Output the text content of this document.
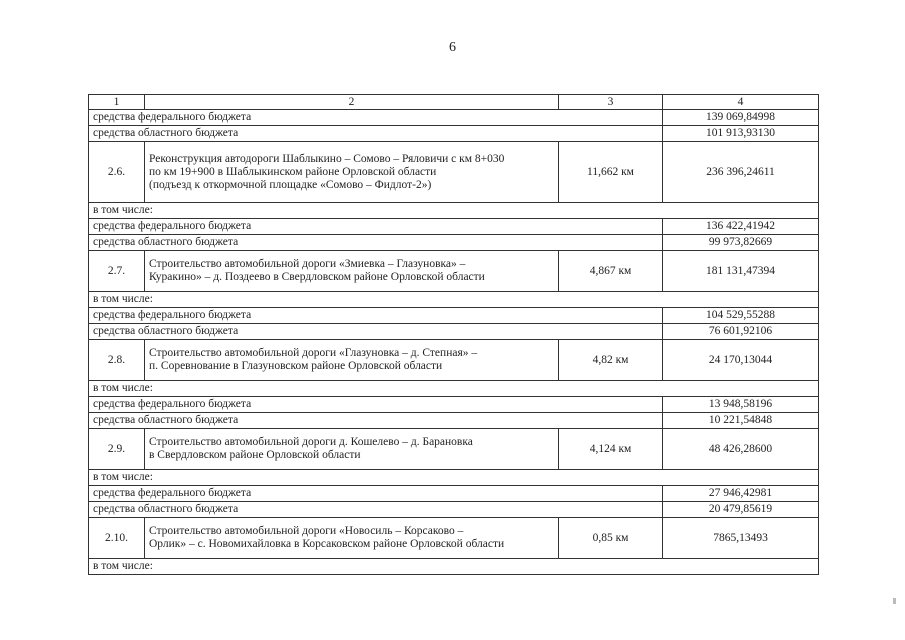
6
1	2	3	4
средства федерального бюджета			139 069,84998
средства областного бюджета			101 913,93130
2.6.	Реконструкция автодороги Шаблыкино – Сомово – Ряловичи с км 8+030
по км 19+900 в Шаблыкинском районе Орловской области
(подъезд к откормочной площадке «Сомово – Фидлот-2»)	11,662 км	236 396,24611
в том числе:			
средства федерального бюджета			136 422,41942
средства областного бюджета			99 973,82669
2.7.	Строительство автомобильной дороги «Змиевка – Глазуновка» –
Куракино» – д. Поздеево в Свердловском районе Орловской области	4,867 км	181 131,47394
в том числе:			
средства федерального бюджета			104 529,55288
средства областного бюджета			76 601,92106
2.8.	Строительство автомобильной дороги «Глазуновка – д. Степная» –
п. Соревнование в Глазуновском районе Орловской области	4,82 км	24 170,13044
в том числе:			
средства федерального бюджета			13 948,58196
средства областного бюджета			10 221,54848
2.9.	Строительство автомобильной дороги д. Кошелево – д. Барановка
в Свердловском районе Орловской области	4,124 км	48 426,28600
в том числе:			
средства федерального бюджета			27 946,42981
средства областного бюджета			20 479,85619
2.10.	Строительство автомобильной дороги «Новосиль – Корсаково –
Орлик» – с. Новомихайловка в Корсаковском районе Орловской области	0,85 км	7865,13493
в том числе:			
